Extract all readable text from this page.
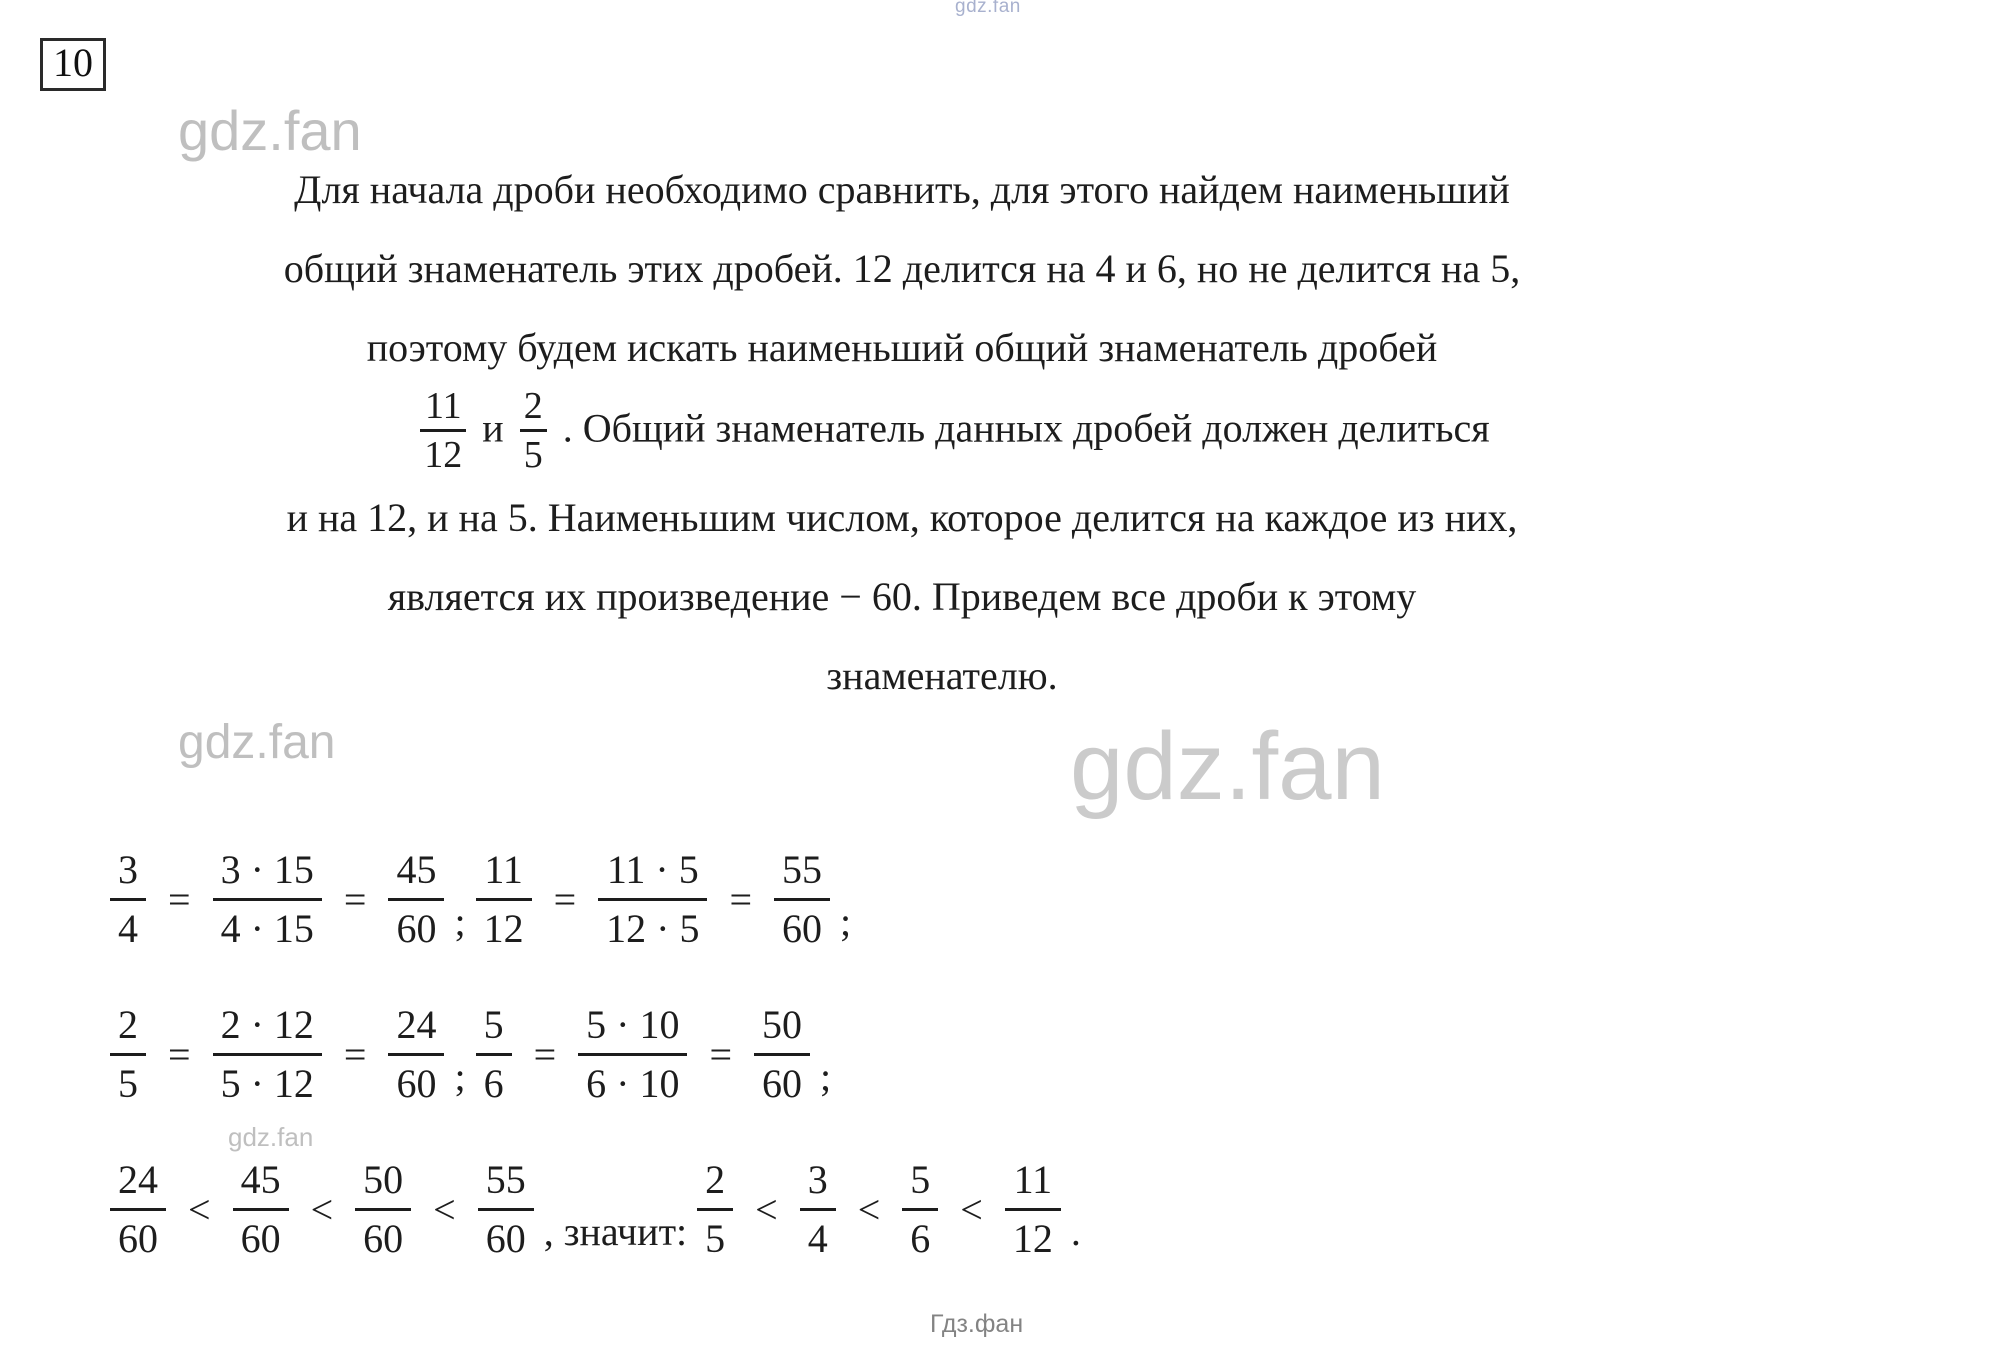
gdz.fan
gdz.fan
gdz.fan	gdz.fan
gdz.fan
Гдз.фан
10
Для начала дроби необходимо сравнить, для этого найдем наименьший
общий знаменатель этих дробей. 12 делится на 4 и 6, но не делится на 5,
поэтому будем искать наименьший общий знаменатель дробей
$\frac{11}{12}$ и $\frac{2}{5}$ . Общий знаменатель данных дробей должен делиться
и на 12, и на 5. Наименьшим числом, которое делится на каждое из них,
является их произведение − 60. Приведем все дроби к этому
знаменателю.
$\frac{3}{4} = \frac{3 \cdot 15}{4 \cdot 15} = \frac{45}{60}$ ; $\frac{11}{12} = \frac{11 \cdot 5}{12 \cdot 5} = \frac{55}{60}$ ;
$\frac{2}{5} = \frac{2 \cdot 12}{5 \cdot 12} = \frac{24}{60}$ ; $\frac{5}{6} = \frac{5 \cdot 10}{6 \cdot 10} = \frac{50}{60}$ ;
$\frac{24}{60} < \frac{45}{60} < \frac{50}{60} < \frac{55}{60}$ , значит: $\frac{2}{5} < \frac{3}{4} < \frac{5}{6} < \frac{11}{12}$ .
